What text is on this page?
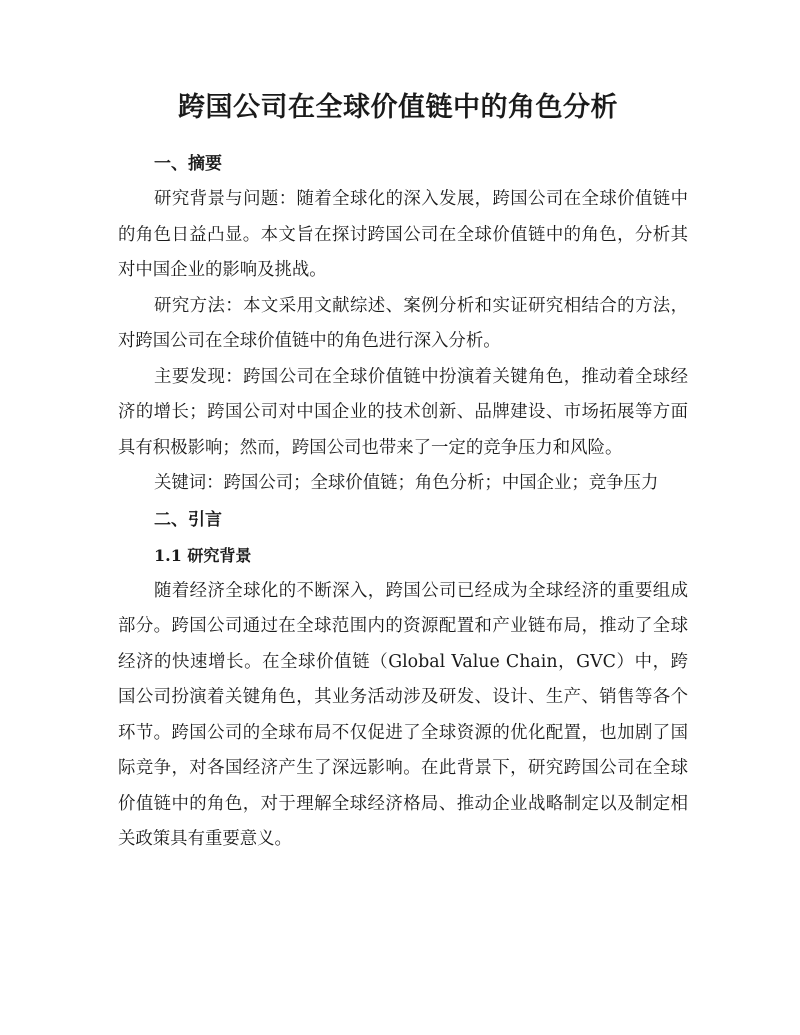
跨国公司在全球价值链中的角色分析
一、摘要

研究背景与问题：随着全球化的深入发展，跨国公司在全球价值链中的角色日益凸显。本文旨在探讨跨国公司在全球价值链中的角色，分析其对中国企业的影响及挑战。

研究方法：本文采用文献综述、案例分析和实证研究相结合的方法，对跨国公司在全球价值链中的角色进行深入分析。

主要发现：跨国公司在全球价值链中扮演着关键角色，推动着全球经济的增长；跨国公司对中国企业的技术创新、品牌建设、市场拓展等方面具有积极影响；然而，跨国公司也带来了一定的竞争压力和风险。

关键词：跨国公司；全球价值链；角色分析；中国企业；竞争压力

二、引言
1.1 研究背景

随着经济全球化的不断深入，跨国公司已经成为全球经济的重要组成部分。跨国公司通过在全球范围内的资源配置和产业链布局，推动了全球经济的快速增长。在全球价值链（Global Value Chain，GVC）中，跨国公司扮演着关键角色，其业务活动涉及研发、设计、生产、销售等各个环节。跨国公司的全球布局不仅促进了全球资源的优化配置，也加剧了国际竞争，对各国经济产生了深远影响。在此背景下，研究跨国公司在全球价值链中的角色，对于理解全球经济格局、推动企业战略制定以及制定相关政策具有重要意义。
